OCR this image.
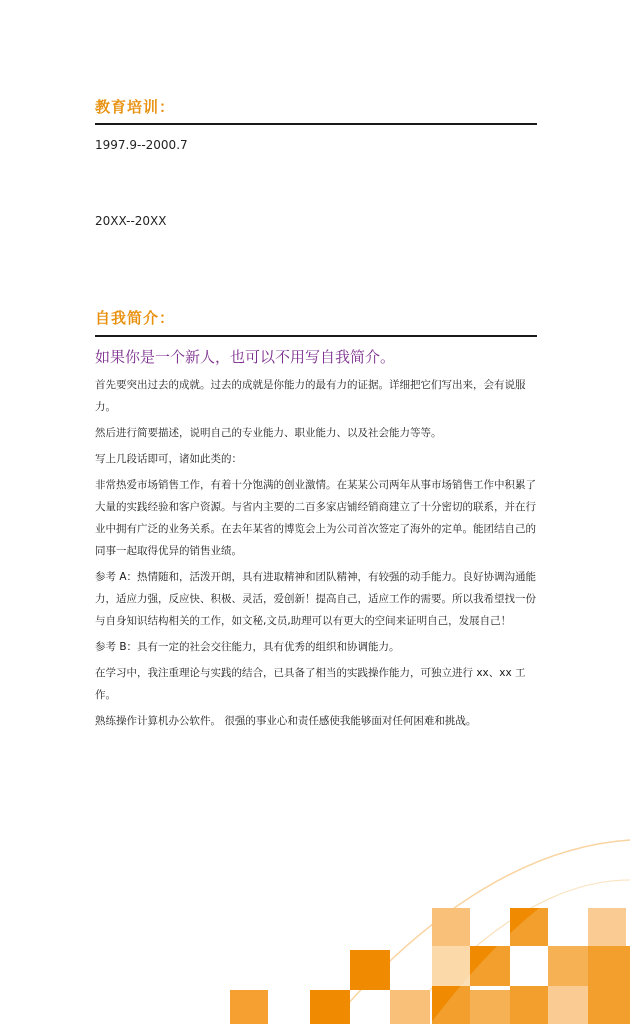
教育培训：

1997.9--2000.7

20XX--20XX

自我简介：

如果你是一个新人，也可以不用写自我简介。

首先要突出过去的成就。过去的成就是你能力的最有力的证据。详细把它们写出来，会有说服力。

然后进行简要描述，说明自己的专业能力、职业能力、以及社会能力等等。

写上几段话即可，诸如此类的：

非常热爱市场销售工作，有着十分饱满的创业激情。在某某公司两年从事市场销售工作中积累了大量的实践经验和客户资源。与省内主要的二百多家店铺经销商建立了十分密切的联系，并在行业中拥有广泛的业务关系。在去年某省的博览会上为公司首次签定了海外的定单。能团结自己的同事一起取得优异的销售业绩。

参考 A：热情随和，活泼开朗，具有进取精神和团队精神，有较强的动手能力。良好协调沟通能力，适应力强，反应快、积极、灵活，爱创新！提高自己，适应工作的需要。所以我希望找一份与自身知识结构相关的工作，如文秘,文员,助理可以有更大的空间来证明自己，发展自己！

参考 B：具有一定的社会交往能力，具有优秀的组织和协调能力。

在学习中，我注重理论与实践的结合，已具备了相当的实践操作能力，可独立进行 xx、xx 工作。

熟练操作计算机办公软件。 很强的事业心和责任感使我能够面对任何困难和挑战。
